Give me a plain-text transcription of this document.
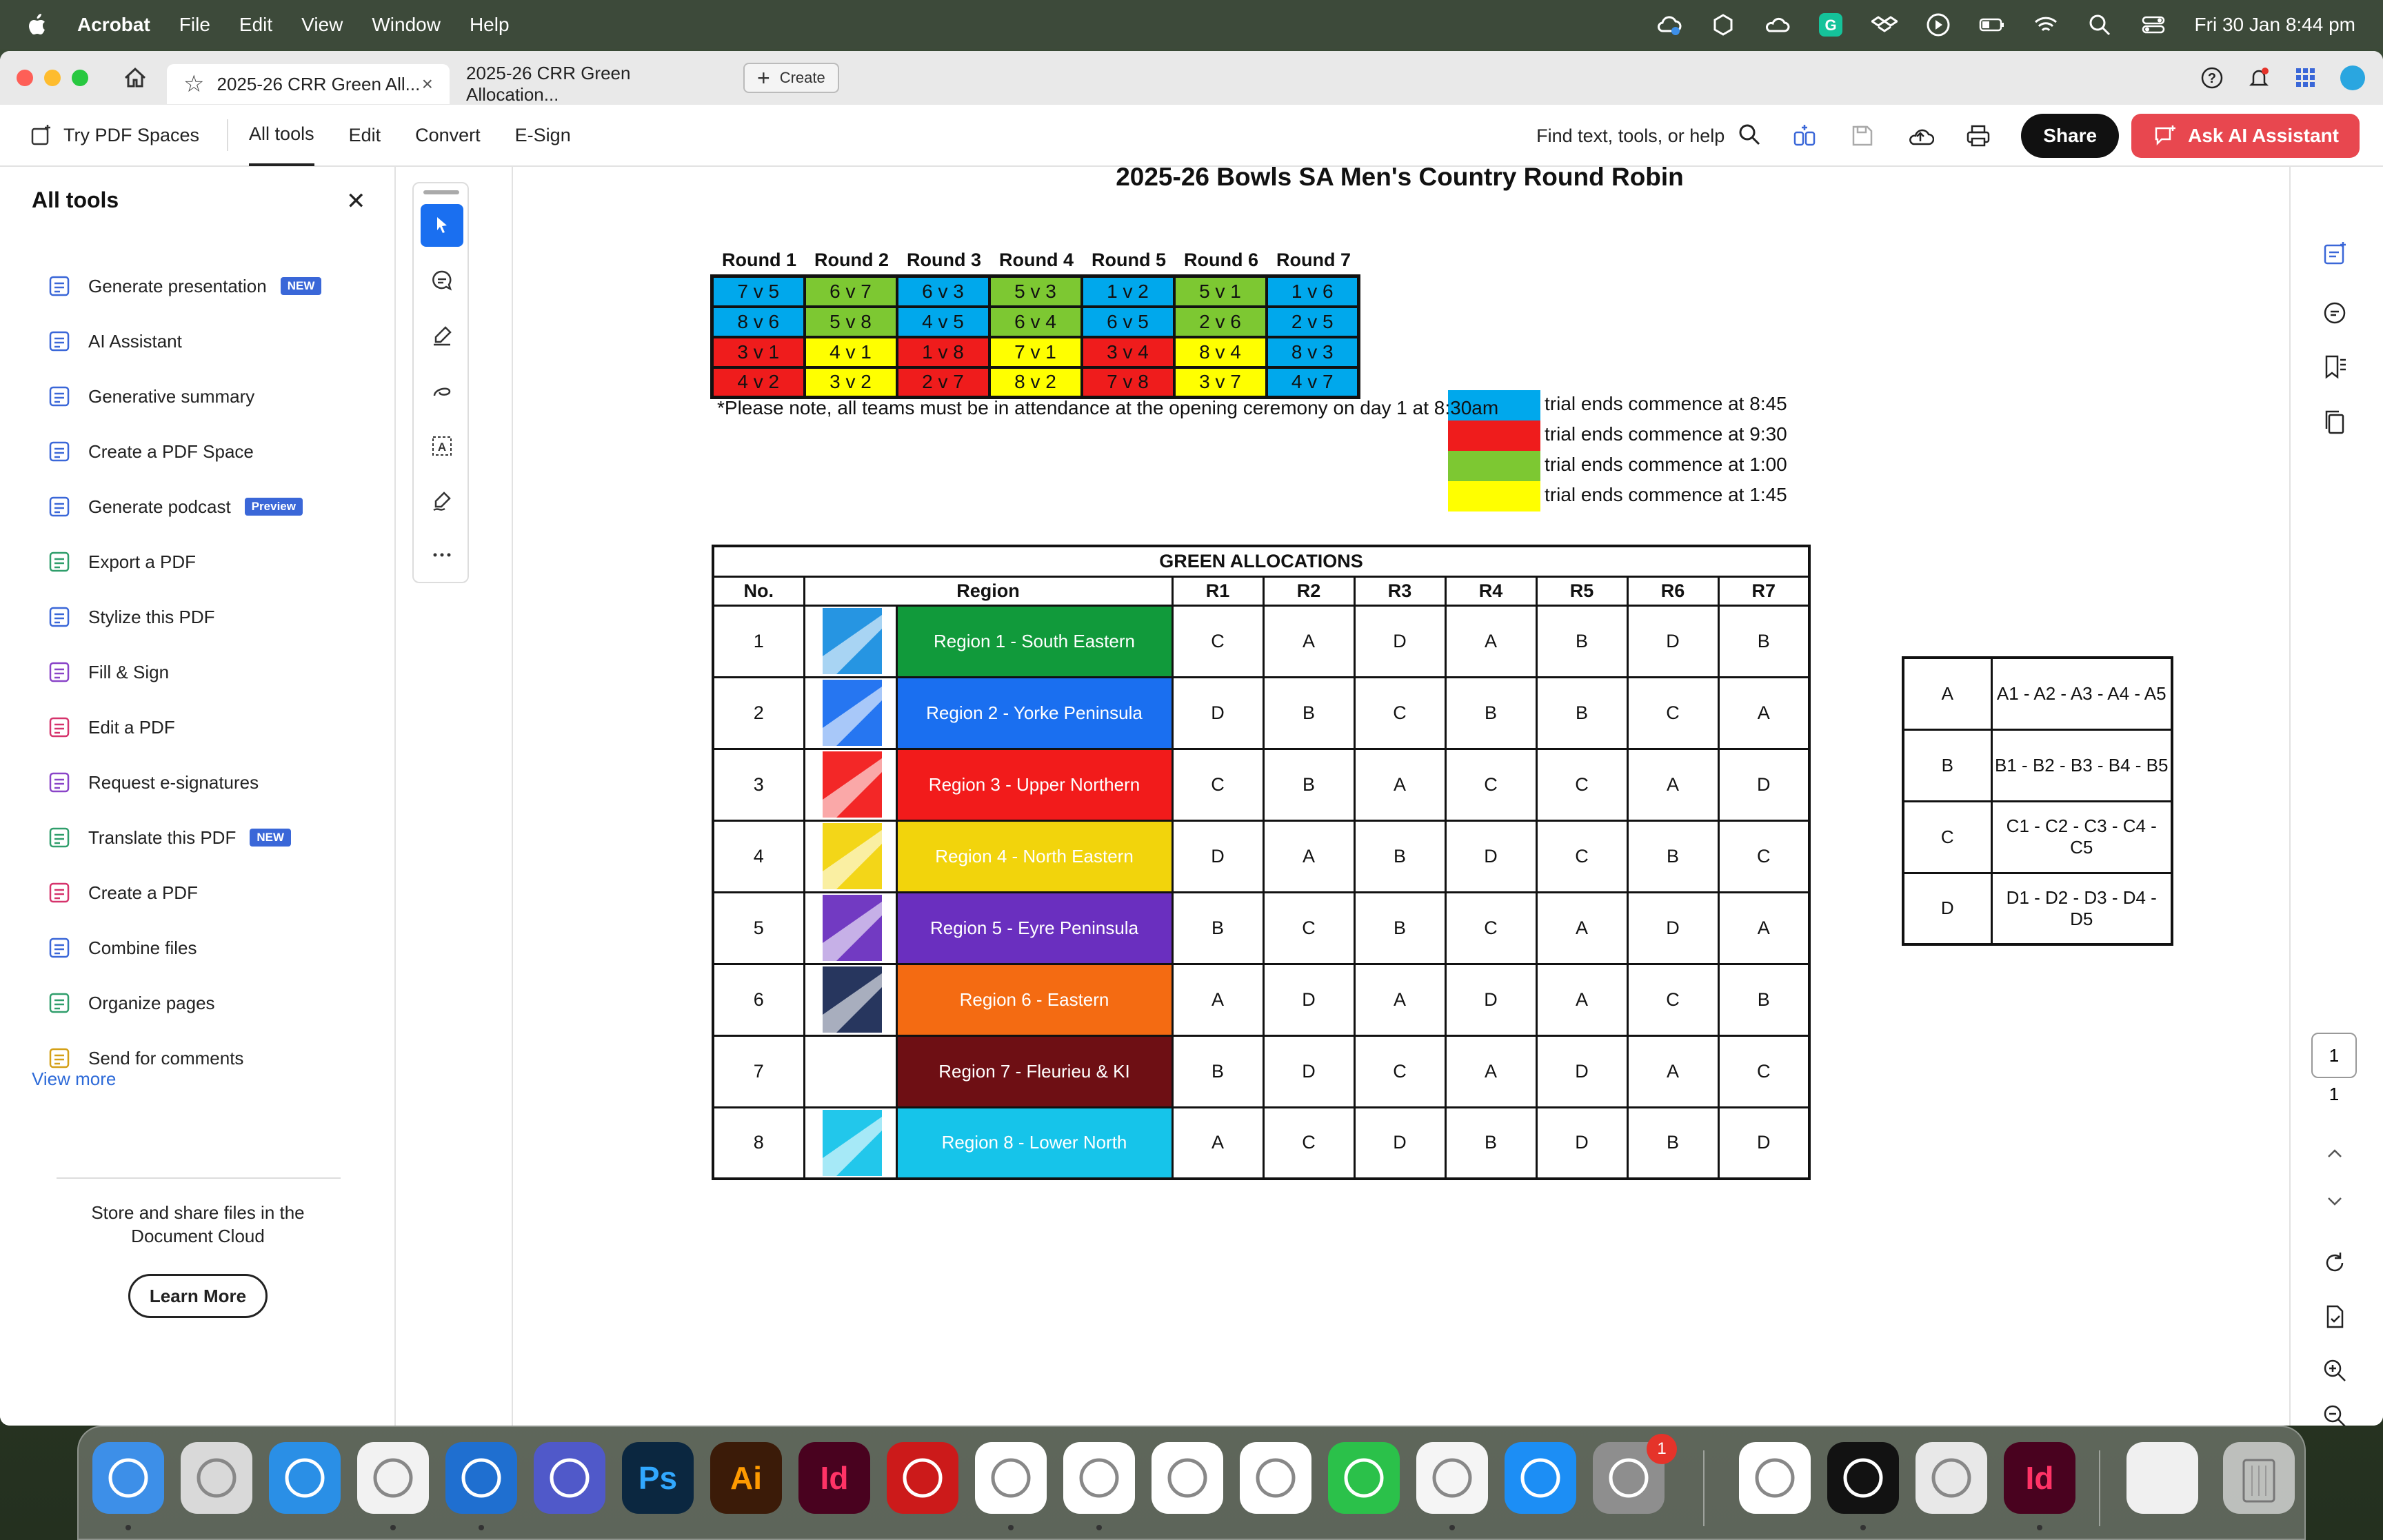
Acrobat File Edit View Window Help	G	Fri 30 Jan 8:44 pm
☆ 2025-26 CRR Green All... × 2025-26 CRR Green Allocation...
+ Create	?
Try PDF Spaces	All tools Edit Convert E-Sign	Find text, tools, or help	Share	Ask AI Assistant
All tools	✕
Generate presentation	NEW
AI Assistant
Generative summary
Create a PDF Space
Generate podcast	Preview
Export a PDF
Stylize this PDF
Fill & Sign
Edit a PDF
Request e-signatures
Translate this PDF	NEW
Create a PDF
Combine files
Organize pages
Send for comments
View more
Store and share files in the
Document Cloud
Learn More
A
1
1
2025-26 Bowls SA Men's Country Round Robin
Round 1 Round 2 Round 3 Round 4 Round 5 Round 6 Round 7
7 v 5	6 v 7	6 v 3	5 v 3	1 v 2	5 v 1	1 v 6
8 v 6	5 v 8	4 v 5	6 v 4	6 v 5	2 v 6	2 v 5
3 v 1	4 v 1	1 v 8	7 v 1	3 v 4	8 v 4	8 v 3
4 v 2	3 v 2	2 v 7	8 v 2	7 v 8	3 v 7	4 v 7
trial ends commence at 8:45
trial ends commence at 9:30
trial ends commence at 1:00
trial ends commence at 1:45
*Please note, all teams must be in attendance at the opening ceremony on day 1 at 8:30am
GREEN ALLOCATIONS									
No.	Region		R1	R2	R3	R4	R5	R6	R7
1		Region 1 - South Eastern	C	A	D	A	B	D	B
2		Region 2 - Yorke Peninsula	D	B	C	B	B	C	A
3		Region 3 - Upper Northern	C	B	A	C	C	A	D
4		Region 4 - North Eastern	D	A	B	D	C	B	C
5		Region 5 - Eyre Peninsula	B	C	B	C	A	D	A
6		Region 6 - Eastern	A	D	A	D	A	C	B
7		Region 7 - Fleurieu & KI	B	D	C	A	D	A	C
8		Region 8 - Lower North	A	C	D	B	D	B	D
A	A1 - A2 - A3 - A4 - A5
B	B1 - B2 - B3 - B4 - B5
C	C1 - C2 - C3 - C4 - C5
D	D1 - D2 - D3 - D4 - D5
Ps	Ai	Id
1
Id
